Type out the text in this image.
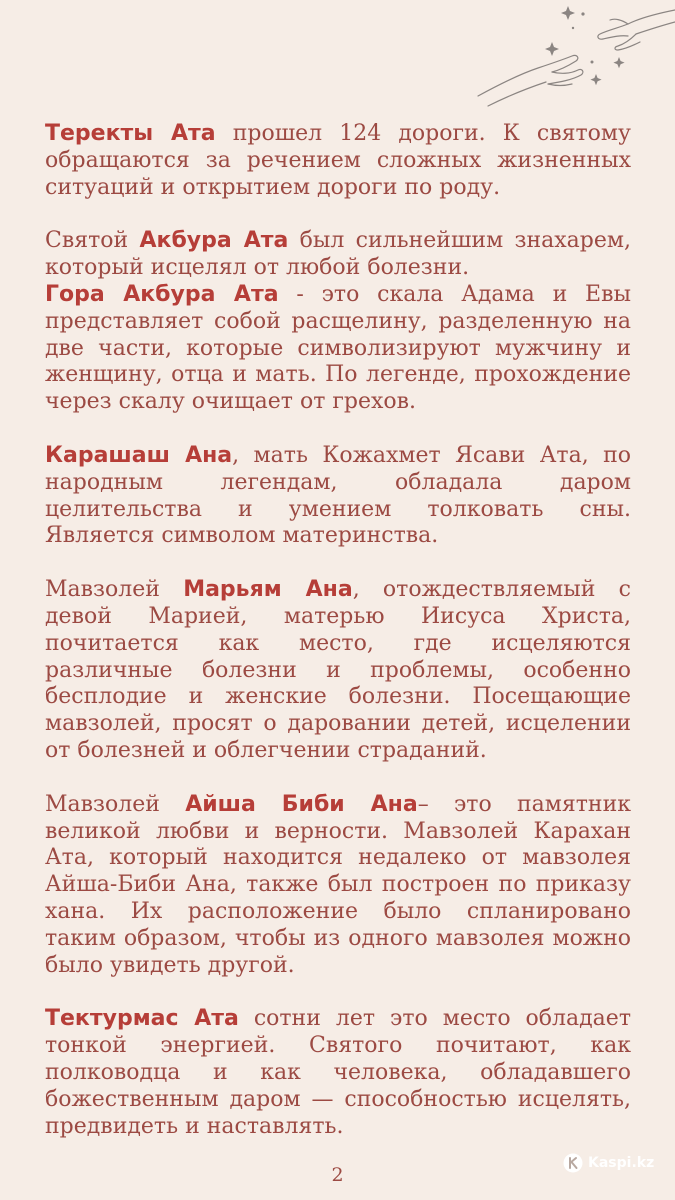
Теректы Ата прошел 124 дороги. К святому обращаются за речением сложных жизненных ситуаций и открытием дороги по роду.

Святой Акбура Ата был сильнейшим знахарем, который исцелял от любой болезни.
Гора Акбура Ата - это скала Адама и Евы представляет собой расщелину, разделенную на две части, которые символизируют мужчину и женщину, отца и мать. По легенде, прохождение через скалу очищает от грехов.

Карашаш Ана, мать Кожахмет Ясави Ата, по народным легендам, обладала даром целительства и умением толковать сны. Является символом материнства.

Мавзолей Марьям Ана, отождествляемый с девой Марией, матерью Иисуса Христа, почитается как место, где исцеляются различные болезни и проблемы, особенно бесплодие и женские болезни. Посещающие мавзолей, просят о даровании детей, исцелении от болезней и облегчении страданий.

Мавзолей Айша Биби Ана– это памятник великой любви и верности. Мавзолей Карахан Ата, который находится недалеко от мавзолея Айша-Биби Ана, также был построен по приказу хана. Их расположение было спланировано таким образом, чтобы из одного мавзолея можно было увидеть другой.

Тектурмас Ата сотни лет это место обладает тонкой энергией. Святого почитают, как полководца и как человека, обладавшего божественным даром — способностью исцелять, предвидеть и наставлять.

2
Kaspi.kz
